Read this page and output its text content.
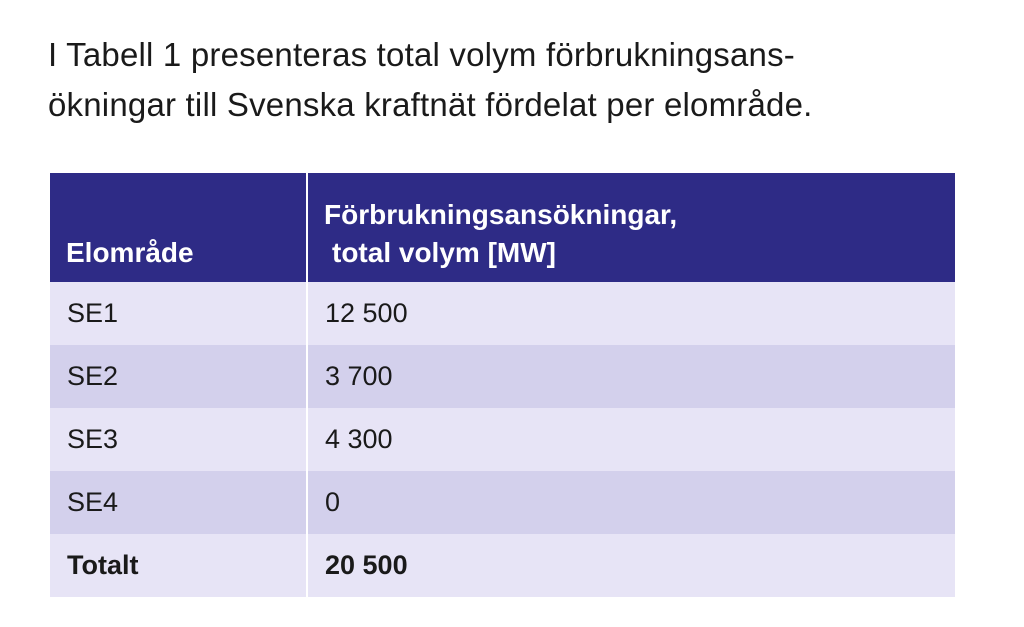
I Tabell 1 presenteras total volym förbrukningsans-
ökningar till Svenska kraftnät fördelat per elområde.

Elområde	Förbrukningsansökningar,
total volym [MW]

SE1	12 500
SE2	3 700
SE3	4 300
SE4	0
Totalt	20 500
